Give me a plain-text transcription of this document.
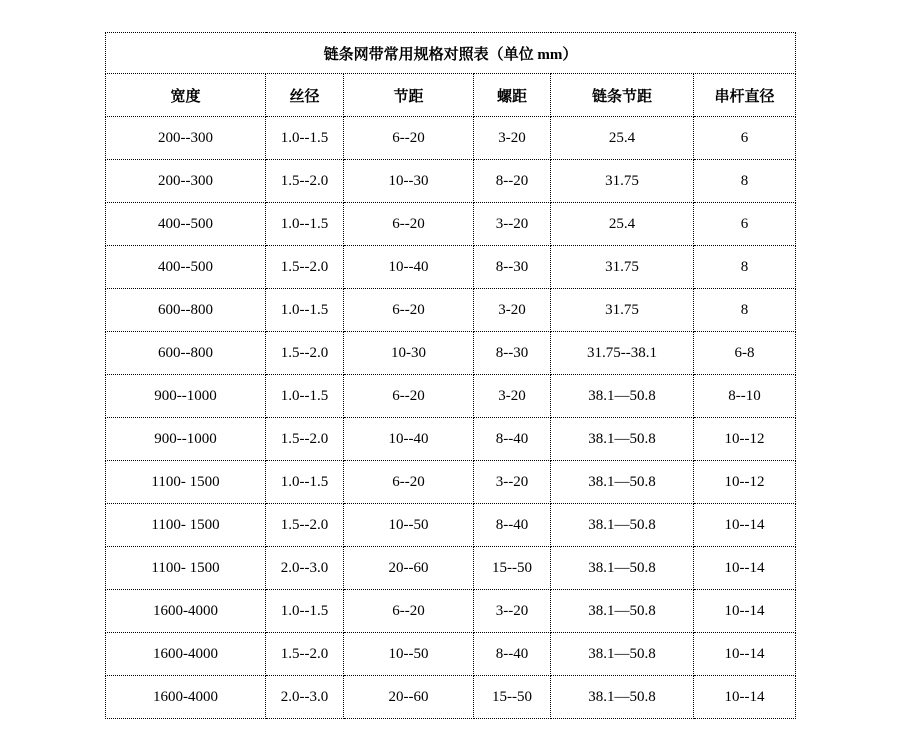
链条网带常用规格对照表（单位 mm）					
宽度	丝径	节距	螺距	链条节距	串杆直径
200--300	1.0--1.5	6--20	3-20	25.4	6
200--300	1.5--2.0	10--30	8--20	31.75	8
400--500	1.0--1.5	6--20	3--20	25.4	6
400--500	1.5--2.0	10--40	8--30	31.75	8
600--800	1.0--1.5	6--20	3-20	31.75	8
600--800	1.5--2.0	10-30	8--30	31.75--38.1	6-8
900--1000	1.0--1.5	6--20	3-20	38.1—50.8	8--10
900--1000	1.5--2.0	10--40	8--40	38.1—50.8	10--12
1100- 1500	1.0--1.5	6--20	3--20	38.1—50.8	10--12
1100- 1500	1.5--2.0	10--50	8--40	38.1—50.8	10--14
1100- 1500	2.0--3.0	20--60	15--50	38.1—50.8	10--14
1600-4000	1.0--1.5	6--20	3--20	38.1—50.8	10--14
1600-4000	1.5--2.0	10--50	8--40	38.1—50.8	10--14
1600-4000	2.0--3.0	20--60	15--50	38.1—50.8	10--14
